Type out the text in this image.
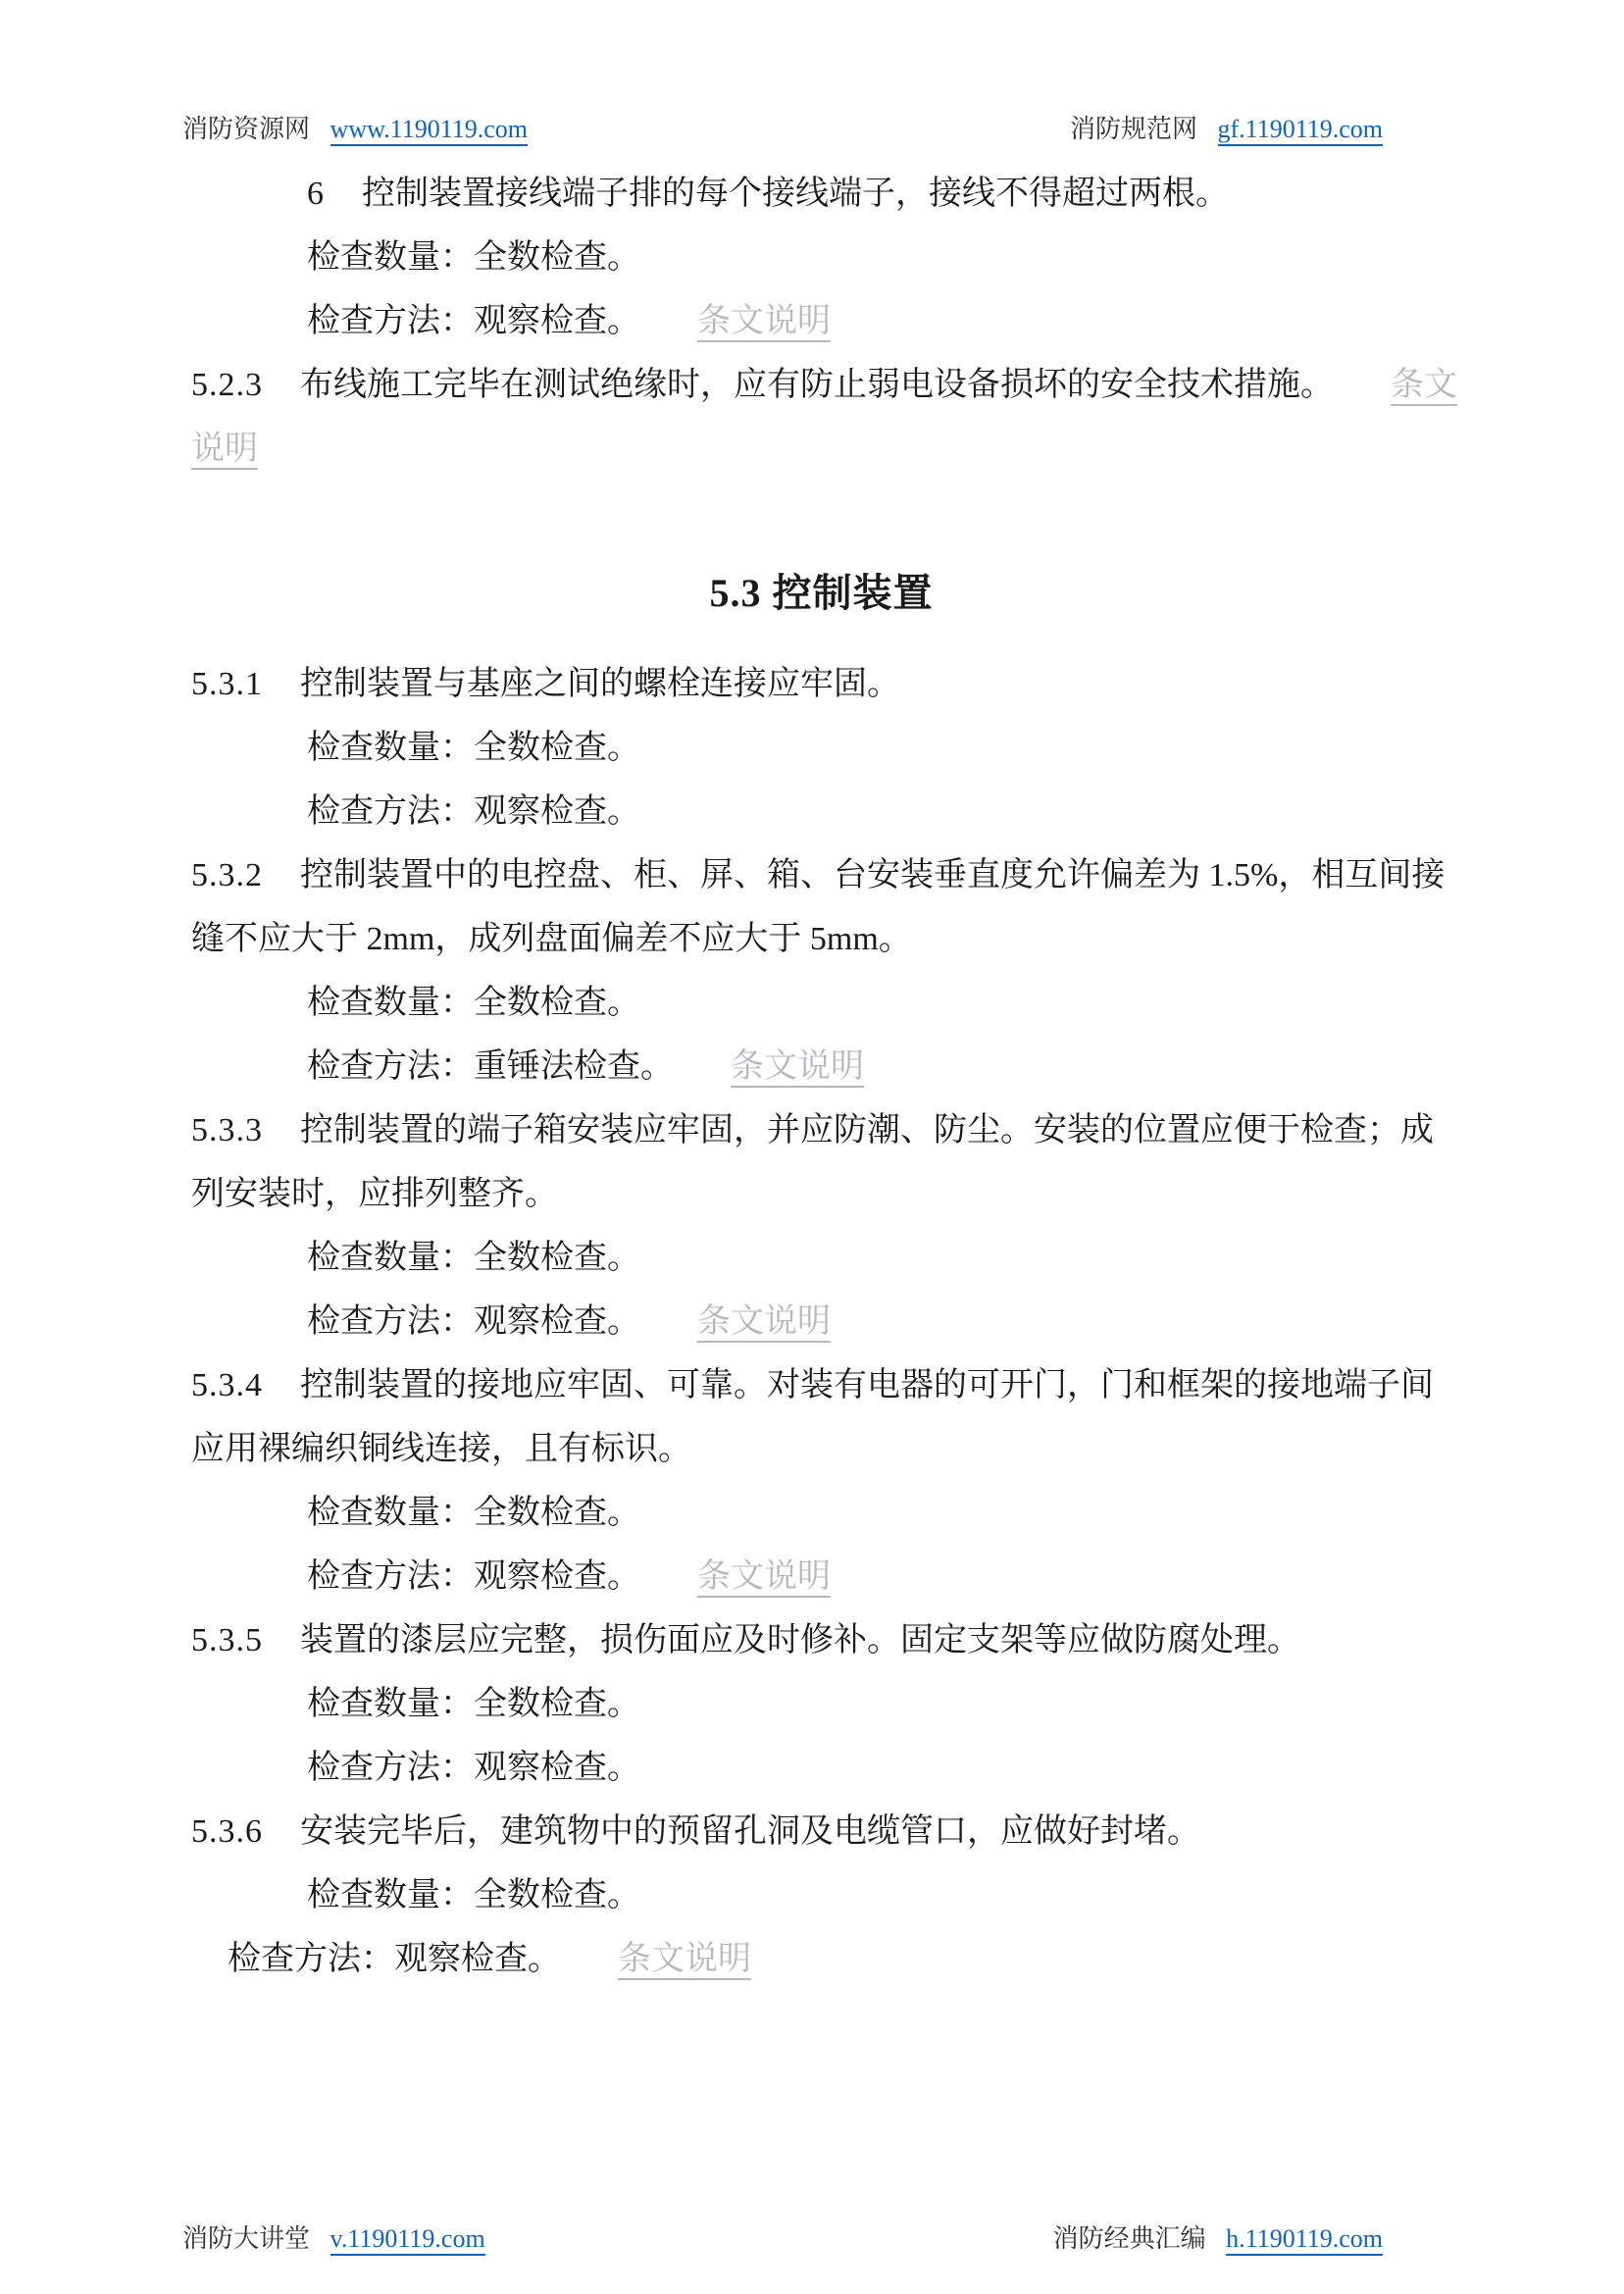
消防资源网 www.1190119.com	消防规范网 gf.1190119.com
6 控制装置接线端子排的每个接线端子，接线不得超过两根。
检查数量：全数检查。
检查方法：观察检查。 条文说明
5.2.3 布线施工完毕在测试绝缘时，应有防止弱电设备损坏的安全技术措施。 条文
说明
5.3 控制装置
5.3.1 控制装置与基座之间的螺栓连接应牢固。
检查数量：全数检查。
检查方法：观察检查。
5.3.2 控制装置中的电控盘、柜、屏、箱、台安装垂直度允许偏差为 1.5%，相互间接
缝不应大于 2mm，成列盘面偏差不应大于 5mm。
检查数量：全数检查。
检查方法：重锤法检查。 条文说明
5.3.3 控制装置的端子箱安装应牢固，并应防潮、防尘。安装的位置应便于检查；成
列安装时，应排列整齐。
检查数量：全数检查。
检查方法：观察检查。 条文说明
5.3.4 控制装置的接地应牢固、可靠。对装有电器的可开门，门和框架的接地端子间
应用裸编织铜线连接，且有标识。
检查数量：全数检查。
检查方法：观察检查。 条文说明
5.3.5 装置的漆层应完整，损伤面应及时修补。固定支架等应做防腐处理。
检查数量：全数检查。
检查方法：观察检查。
5.3.6 安装完毕后，建筑物中的预留孔洞及电缆管口，应做好封堵。
检查数量：全数检查。
检查方法：观察检查。 条文说明
消防大讲堂 v.1190119.com	消防经典汇编 h.1190119.com
